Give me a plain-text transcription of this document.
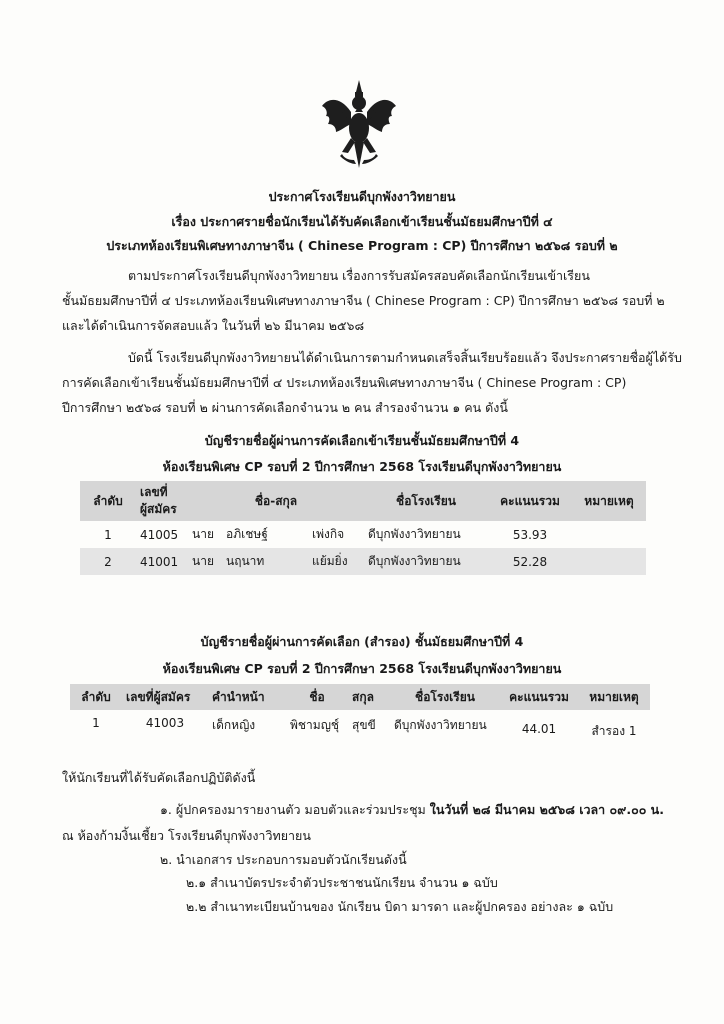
ประกาศโรงเรียนดีบุกพังงาวิทยายน
เรื่อง ประกาศรายชื่อนักเรียนได้รับคัดเลือกเข้าเรียนชั้นมัธยมศึกษาปีที่ ๔
ประเภทห้องเรียนพิเศษทางภาษาจีน ( Chinese Program : CP) ปีการศึกษา ๒๕๖๘ รอบที่ ๒
ตามประกาศโรงเรียนดีบุกพังงาวิทยายน เรื่องการรับสมัครสอบคัดเลือกนักเรียนเข้าเรียน
ชั้นมัธยมศึกษาปีที่ ๔ ประเภทห้องเรียนพิเศษทางภาษาจีน ( Chinese Program : CP) ปีการศึกษา ๒๕๖๘ รอบที่ ๒
และได้ดำเนินการจัดสอบแล้ว ในวันที่ ๒๖ มีนาคม ๒๕๖๘
บัดนี้ โรงเรียนดีบุกพังงาวิทยายนได้ดำเนินการตามกำหนดเสร็จสิ้นเรียบร้อยแล้ว จึงประกาศรายชื่อผู้ได้รับ
การคัดเลือกเข้าเรียนชั้นมัธยมศึกษาปีที่ ๔ ประเภทห้องเรียนพิเศษทางภาษาจีน ( Chinese Program : CP)
ปีการศึกษา ๒๕๖๘ รอบที่ ๒ ผ่านการคัดเลือกจำนวน ๒ คน สำรองจำนวน ๑ คน ดังนี้
บัญชีรายชื่อผู้ผ่านการคัดเลือกเข้าเรียนชั้นมัธยมศึกษาปีที่ 4
ห้องเรียนพิเศษ CP รอบที่ 2 ปีการศึกษา 2568 โรงเรียนดีบุกพังงาวิทยายน
ลำดับ	เลขที่
ผู้สมัคร	ชื่อ-สกุล			ชื่อโรงเรียน	คะแนนรวม	หมายเหตุ
1	41005	นาย	อภิเชษฐ์	เพ่งกิจ	ดีบุกพังงาวิทยายน	53.93	
2	41001	นาย	นฤนาท	แย้มยิ่ง	ดีบุกพังงาวิทยายน	52.28	
บัญชีรายชื่อผู้ผ่านการคัดเลือก (สำรอง) ชั้นมัธยมศึกษาปีที่ 4
ห้องเรียนพิเศษ CP รอบที่ 2 ปีการศึกษา 2568 โรงเรียนดีบุกพังงาวิทยายน
ลำดับ	เลขที่ผู้สมัคร	คำนำหน้า	ชื่อ	สกุล	ชื่อโรงเรียน	คะแนนรวม	หมายเหตุ
1	41003	เด็กหญิง	พิชามญชุ์	สุขขี	ดีบุกพังงาวิทยายน	44.01	สำรอง 1
ให้นักเรียนที่ได้รับคัดเลือกปฏิบัติดังนี้
๑. ผู้ปกครองมารายงานตัว มอบตัวและร่วมประชุม ในวันที่ ๒๘ มีนาคม ๒๕๖๘ เวลา ๐๙.๐๐ น.
ณ ห้องก้ามงิ้นเชี้ยว โรงเรียนดีบุกพังงาวิทยายน
๒. นำเอกสาร ประกอบการมอบตัวนักเรียนดังนี้
๒.๑ สำเนาบัตรประจำตัวประชาชนนักเรียน จำนวน ๑ ฉบับ
๒.๒ สำเนาทะเบียนบ้านของ นักเรียน บิดา มารดา และผู้ปกครอง อย่างละ ๑ ฉบับ
